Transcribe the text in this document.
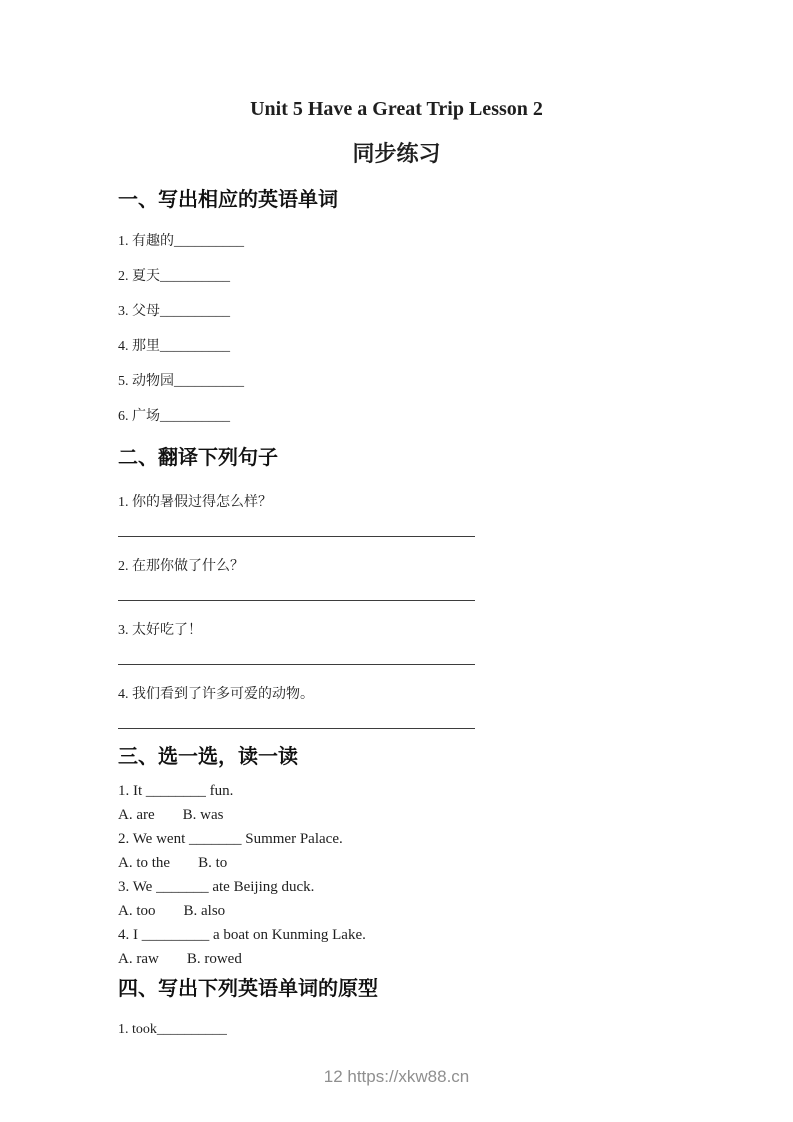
Unit 5 Have a Great Trip Lesson 2
同步练习
一、写出相应的英语单词

1. 有趣的__________

2. 夏天__________

3. 父母__________

4. 那里__________

5. 动物园__________

6. 广场__________

二、翻译下列句子

1. 你的暑假过得怎么样？

2. 在那你做了什么？

3. 太好吃了！

4. 我们看到了许多可爱的动物。

三、选一选，读一读

1. It ________ fun.

A. are B. was

2. We went _______ Summer Palace.

A. to the B. to

3. We _______ ate Beijing duck.

A. too B. also

4. I _________ a boat on Kunming Lake.

A. raw B. rowed

四、写出下列英语单词的原型

1. took__________

12 https://xkw88.cn
